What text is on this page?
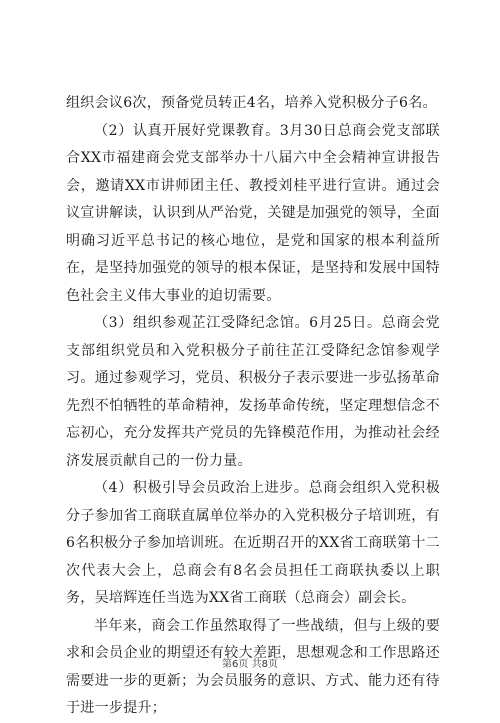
组织会议6次，预备党员转正4名，培养入党积极分子6名。

（2）认真开展好党课教育。3月30日总商会党支部联合XX市福建商会党支部举办十八届六中全会精神宣讲报告会，邀请XX市讲师团主任、教授刘桂平进行宣讲。通过会议宣讲解读，认识到从严治党，关键是加强党的领导，全面明确习近平总书记的核心地位，是党和国家的根本利益所在，是坚持加强党的领导的根本保证，是坚持和发展中国特色社会主义伟大事业的迫切需要。

（3）组织参观芷江受降纪念馆。6月25日。总商会党支部组织党员和入党积极分子前往芷江受降纪念馆参观学习。通过参观学习，党员、积极分子表示要进一步弘扬革命先烈不怕牺牲的革命精神，发扬革命传统，坚定理想信念不忘初心，充分发挥共产党员的先锋模范作用，为推动社会经济发展贡献自己的一份力量。

（4）积极引导会员政治上进步。总商会组织入党积极分子参加省工商联直属单位举办的入党积极分子培训班，有6名积极分子参加培训班。在近期召开的XX省工商联第十二次代表大会上，总商会有8名会员担任工商联执委以上职务，吴培辉连任当选为XX省工商联（总商会）副会长。

半年来，商会工作虽然取得了一些战绩，但与上级的要求和会员企业的期望还有较大差距，思想观念和工作思路还需要进一步的更新；为会员服务的意识、方式、能力还有待于进一步提升；

第6页 共8页
